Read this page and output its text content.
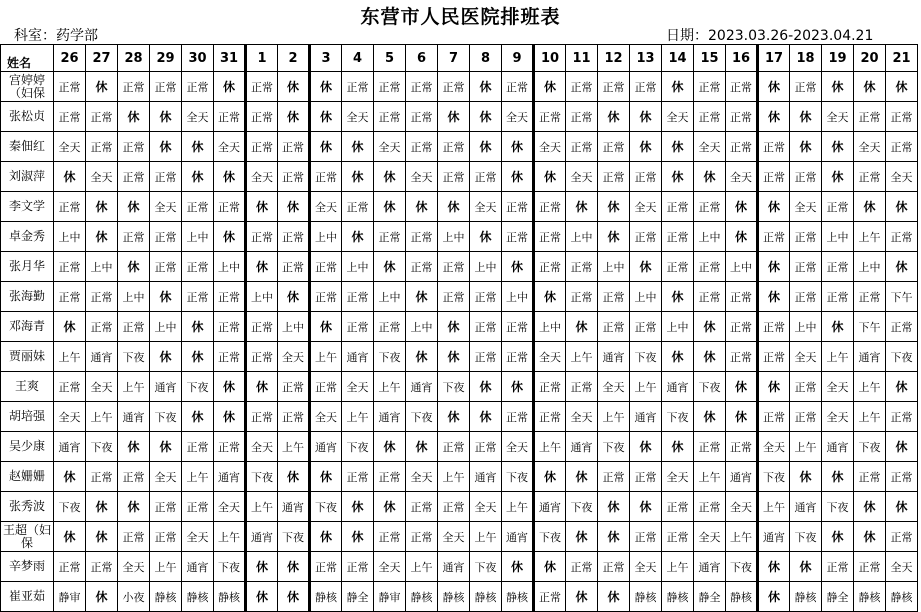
东营市人民医院排班表
科室：药学部	日期：2023.03.26-2023.04.21
姓名	26	27	28	29	30	31	1	2	3	4	5	6	7	8	9	10	11	12	13	14	15	16	17	18	19	20	21
宫婷婷（妇保	正常	休	正常	正常	正常	休	正常	休	休	正常	正常	正常	正常	休	正常	休	正常	正常	正常	休	正常	正常	休	正常	休	休	休
张松贞	正常	正常	休	休	全天	正常	正常	休	休	全天	正常	正常	休	休	全天	正常	正常	休	休	全天	正常	正常	休	休	全天	正常	正常
秦佃红	全天	正常	正常	休	休	全天	正常	正常	休	休	全天	正常	正常	休	休	全天	正常	正常	休	休	全天	正常	正常	休	休	全天	正常
刘淑萍	休	全天	正常	正常	休	休	全天	正常	正常	休	休	全天	正常	正常	休	休	全天	正常	正常	休	休	全天	正常	正常	休	正常	全天
李文学	正常	休	休	全天	正常	正常	休	休	全天	正常	休	休	休	全天	正常	正常	休	休	全天	正常	正常	休	休	全天	正常	休	休
卓金秀	上中	休	正常	正常	上中	休	正常	正常	上中	休	正常	正常	上中	休	正常	正常	上中	休	正常	正常	上中	休	正常	正常	上中	上午	正常
张月华	正常	上中	休	正常	正常	上中	休	正常	正常	上中	休	正常	正常	上中	休	正常	正常	上中	休	正常	正常	上中	休	正常	正常	上中	休
张海勤	正常	正常	上中	休	正常	正常	上中	休	正常	正常	上中	休	正常	正常	上中	休	正常	正常	上中	休	正常	正常	休	正常	正常	正常	下午
邓海青	休	正常	正常	上中	休	正常	正常	上中	休	正常	正常	上中	休	正常	正常	上中	休	正常	正常	上中	休	正常	正常	上中	休	下午	正常
贾丽妹	上午	通宵	下夜	休	休	正常	正常	全天	上午	通宵	下夜	休	休	正常	正常	全天	上午	通宵	下夜	休	休	正常	正常	全天	上午	通宵	下夜
王爽	正常	全天	上午	通宵	下夜	休	休	正常	正常	全天	上午	通宵	下夜	休	休	正常	正常	全天	上午	通宵	下夜	休	休	正常	全天	上午	休
胡培强	全天	上午	通宵	下夜	休	休	正常	正常	全天	上午	通宵	下夜	休	休	正常	正常	全天	上午	通宵	下夜	休	休	正常	正常	全天	上午	正常
吴少康	通宵	下夜	休	休	正常	正常	全天	上午	通宵	下夜	休	休	正常	正常	全天	上午	通宵	下夜	休	休	正常	正常	全天	上午	通宵	下夜	休
赵姗姗	休	正常	正常	全天	上午	通宵	下夜	休	休	正常	正常	全天	上午	通宵	下夜	休	休	正常	正常	全天	上午	通宵	下夜	休	休	正常	正常
张秀波	下夜	休	休	正常	正常	全天	上午	通宵	下夜	休	休	正常	正常	全天	上午	通宵	下夜	休	休	正常	正常	全天	上午	通宵	下夜	休	休
王超（妇保	休	休	正常	正常	全天	上午	通宵	下夜	休	休	正常	正常	全天	上午	通宵	下夜	休	休	正常	正常	全天	上午	通宵	下夜	休	休	正常
辛梦雨	正常	正常	全天	上午	通宵	下夜	休	休	正常	正常	全天	上午	通宵	下夜	休	休	正常	正常	全天	上午	通宵	下夜	休	休	正常	正常	全天
崔亚茹	静审	休	小夜	静核	静核	静核	休	休	静核	静全	静审	静核	静核	静核	静核	正常	休	休	静核	静核	静全	静核	休	静核	静全	静核	静核
